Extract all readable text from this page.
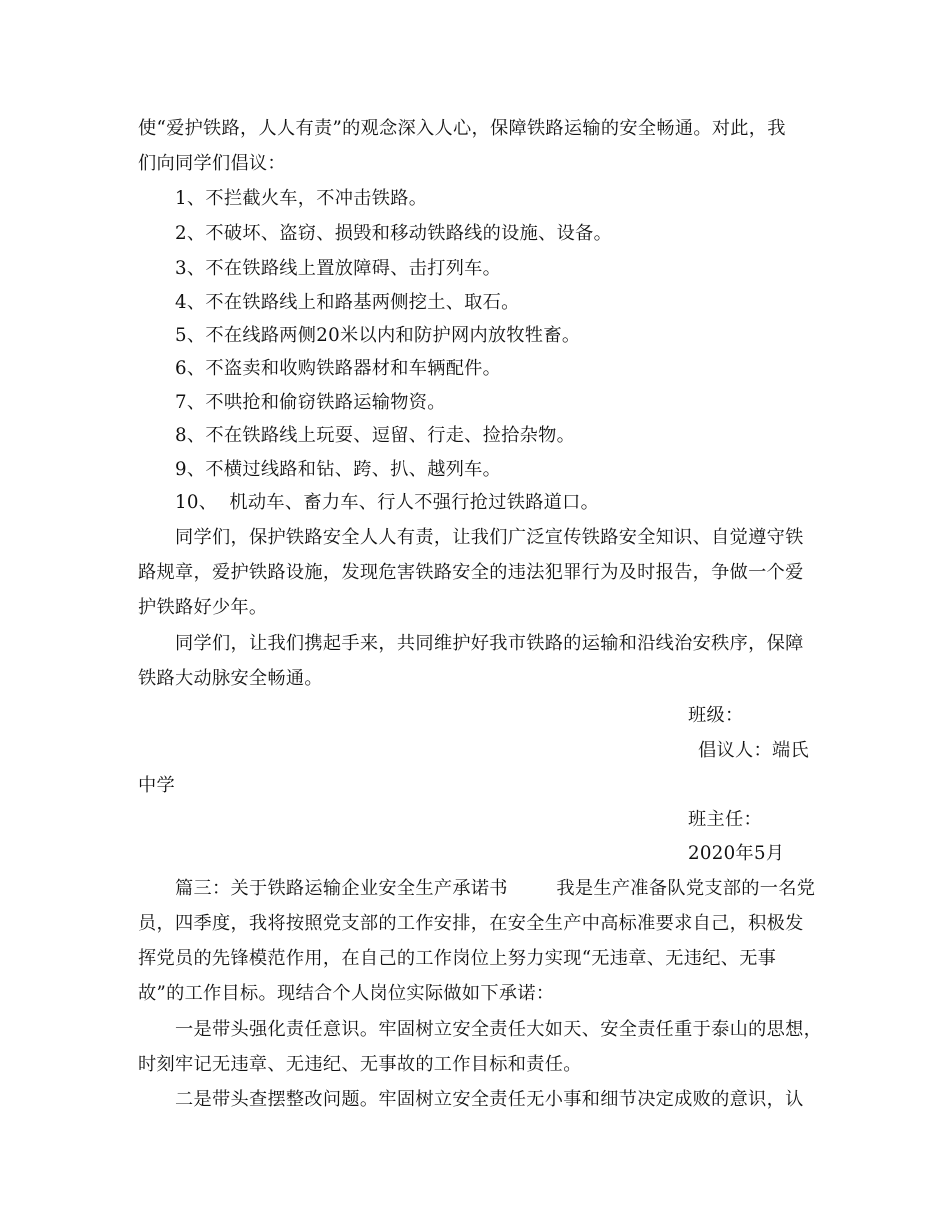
使“爱护铁路，人人有责”的观念深入人心，保障铁路运输的安全畅通。对此，我
们向同学们倡议：
1、不拦截火车，不冲击铁路。
2、不破坏、盗窃、损毁和移动铁路线的设施、设备。
3、不在铁路线上置放障碍、击打列车。
4、不在铁路线上和路基两侧挖土、取石。
5、不在线路两侧20米以内和防护网内放牧牲畜。
6、不盗卖和收购铁路器材和车辆配件。
7、不哄抢和偷窃铁路运输物资。
8、不在铁路线上玩耍、逗留、行走、捡拾杂物。
9、不横过线路和钻、跨、扒、越列车。
10、  机动车、畜力车、行人不强行抢过铁路道口。
同学们，保护铁路安全人人有责，让我们广泛宣传铁路安全知识、自觉遵守铁
路规章，爱护铁路设施，发现危害铁路安全的违法犯罪行为及时报告，争做一个爱
护铁路好少年。
同学们，让我们携起手来，共同维护好我市铁路的运输和沿线治安秩序，保障
铁路大动脉安全畅通。
班级：
倡议人：端氏
中学
班主任：
2020年5月
篇三：关于铁路运输企业安全生产承诺书        我是生产准备队党支部的一名党
员，四季度，我将按照党支部的工作安排，在安全生产中高标准要求自己，积极发
挥党员的先锋模范作用，在自己的工作岗位上努力实现“无违章、无违纪、无事
故”的工作目标。现结合个人岗位实际做如下承诺：
一是带头强化责任意识。牢固树立安全责任大如天、安全责任重于泰山的思想，
时刻牢记无违章、无违纪、无事故的工作目标和责任。
二是带头查摆整改问题。牢固树立安全责任无小事和细节决定成败的意识，认
